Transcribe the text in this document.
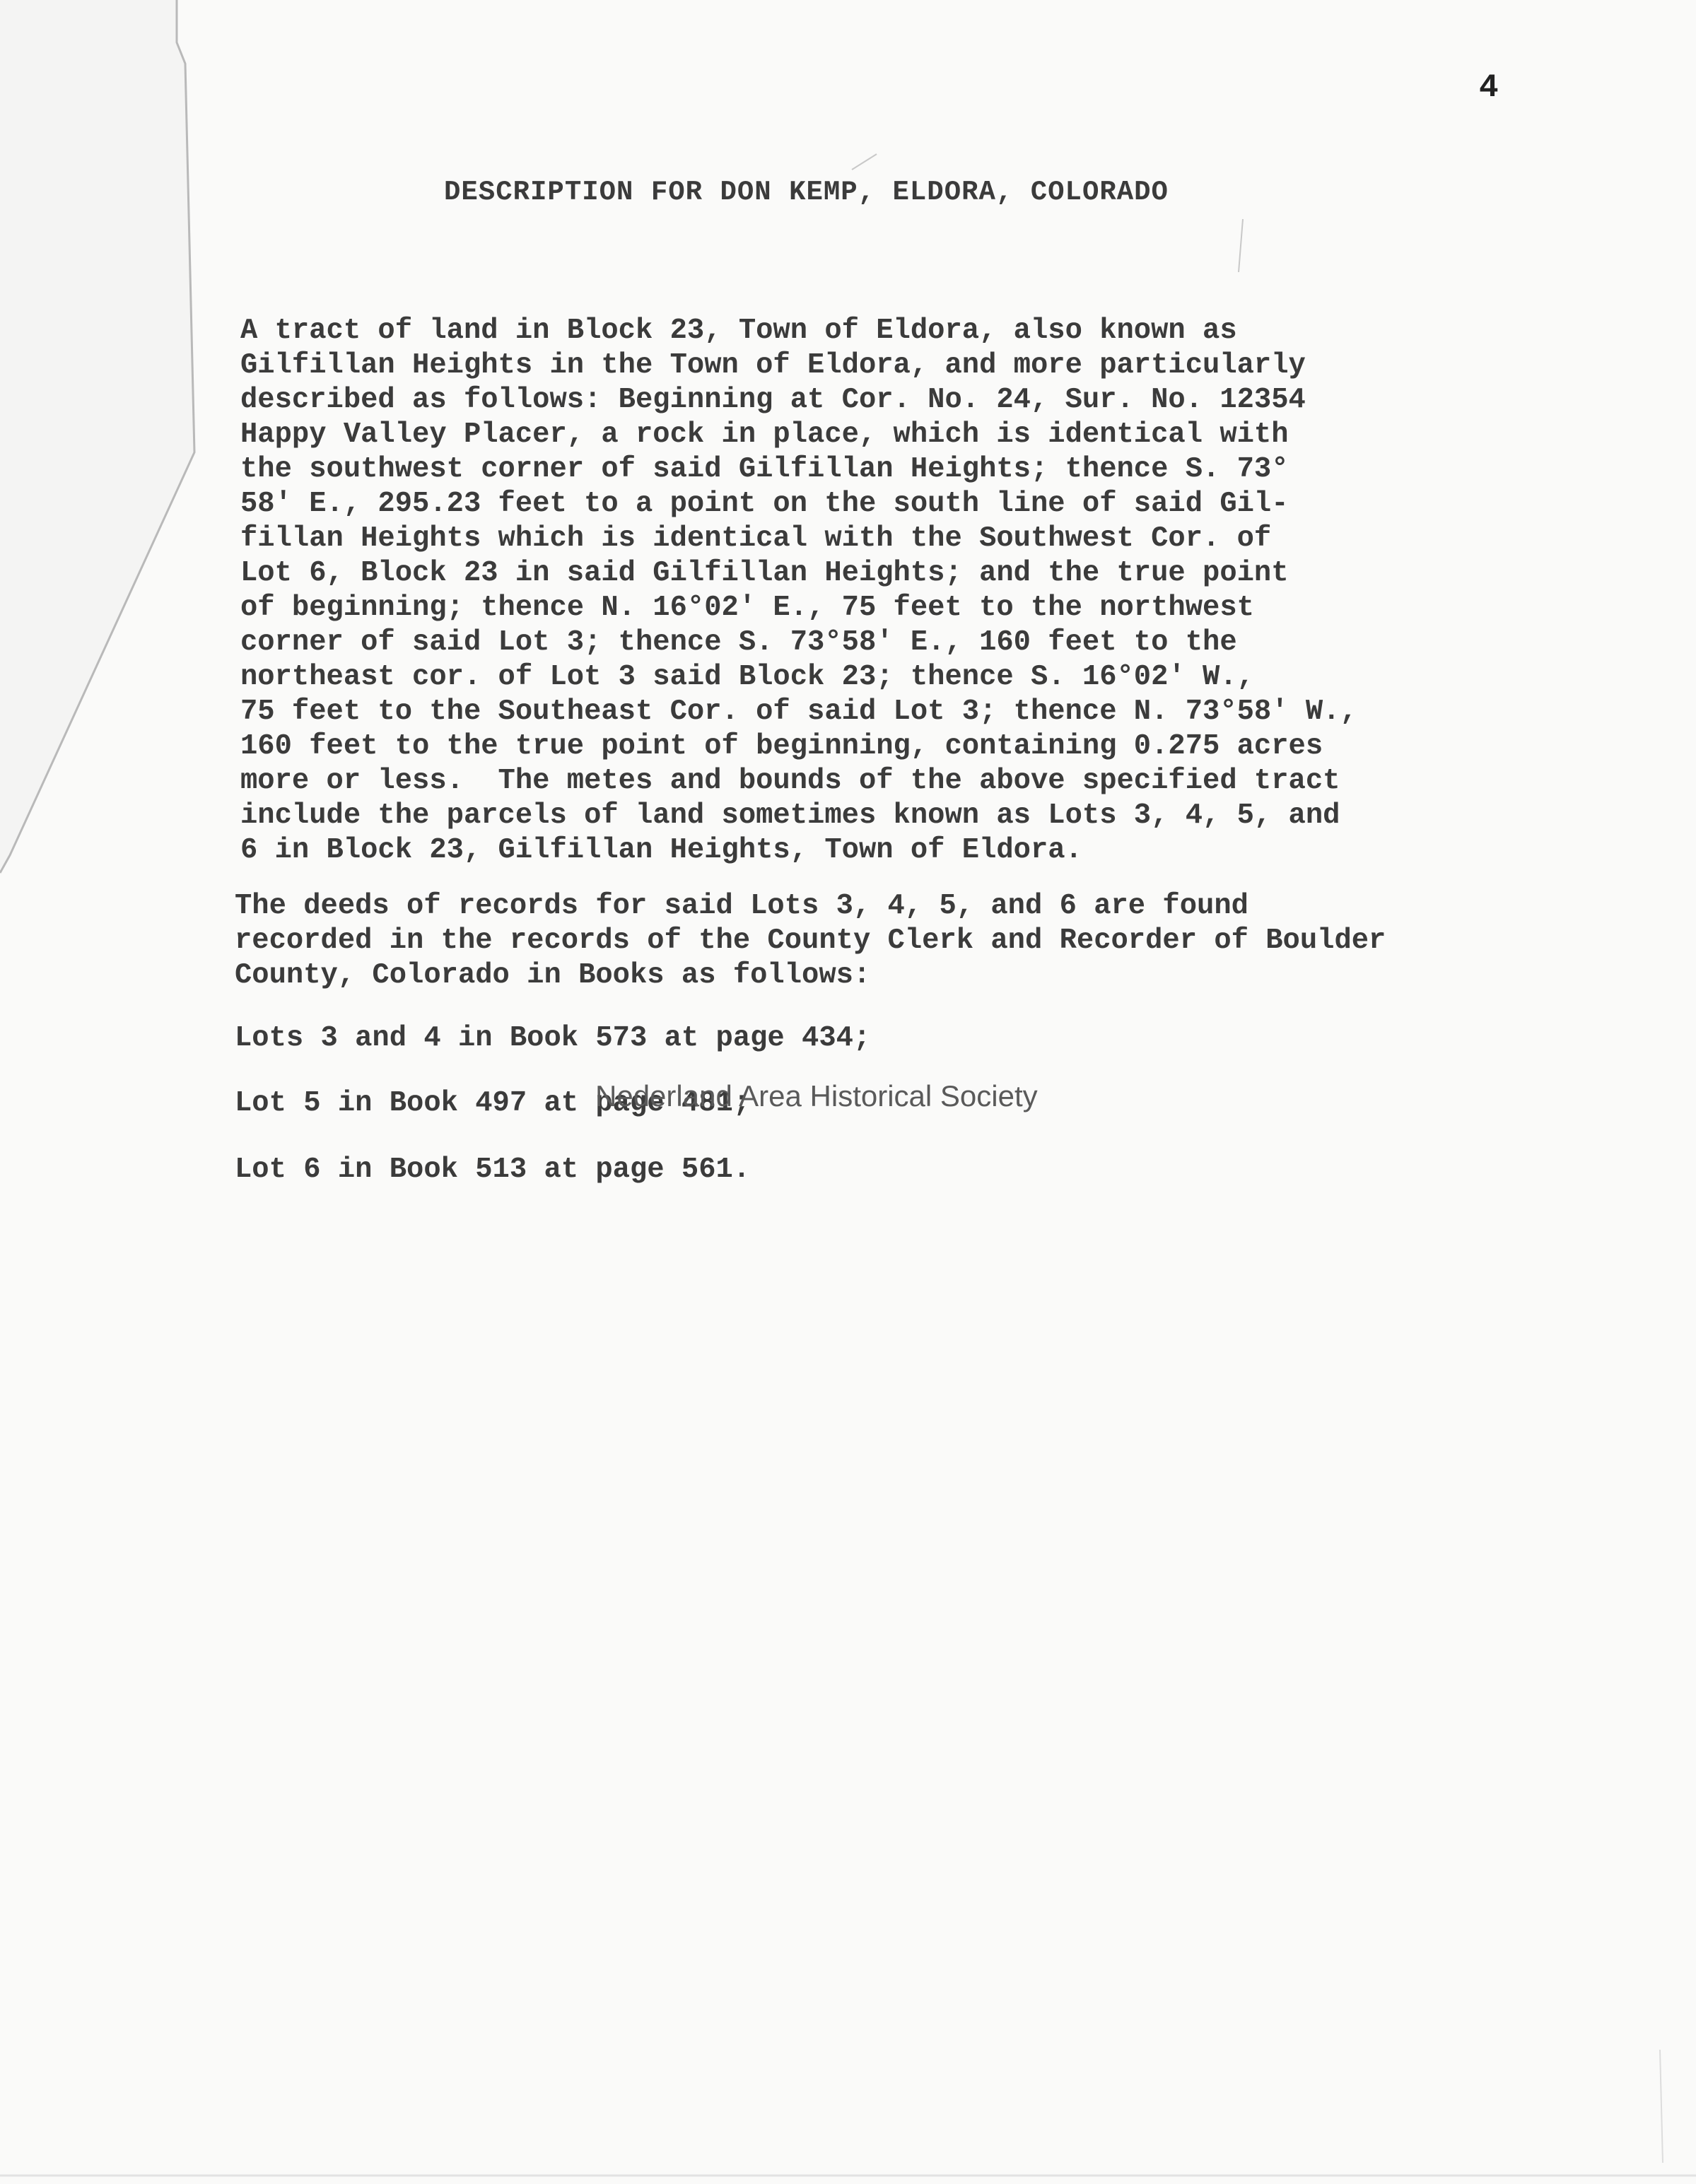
4

DESCRIPTION FOR DON KEMP, ELDORA, COLORADO

A tract of land in Block 23, Town of Eldora, also known as

Gilfillan Heights in the Town of Eldora, and more particularly

described as follows: Beginning at Cor. No. 24, Sur. No. 12354

Happy Valley Placer, a rock in place, which is identical with

the southwest corner of said Gilfillan Heights; thence S. 73°

58' E., 295.23 feet to a point on the south line of said Gil-

fillan Heights which is identical with the Southwest Cor. of

Lot 6, Block 23 in said Gilfillan Heights; and the true point

of beginning; thence N. 16°02' E., 75 feet to the northwest

corner of said Lot 3; thence S. 73°58' E., 160 feet to the

northeast cor. of Lot 3 said Block 23; thence S. 16°02' W.,

75 feet to the Southeast Cor. of said Lot 3; thence N. 73°58' W.,

160 feet to the true point of beginning, containing 0.275 acres

more or less.  The metes and bounds of the above specified tract

include the parcels of land sometimes known as Lots 3, 4, 5, and

6 in Block 23, Gilfillan Heights, Town of Eldora.

The deeds of records for said Lots 3, 4, 5, and 6 are found

recorded in the records of the County Clerk and Recorder of Boulder

County, Colorado in Books as follows:

Lots 3 and 4 in Book 573 at page 434;

Lot 5 in Book 497 at page 481;

Lot 6 in Book 513 at page 561.

Nederland Area Historical Society
